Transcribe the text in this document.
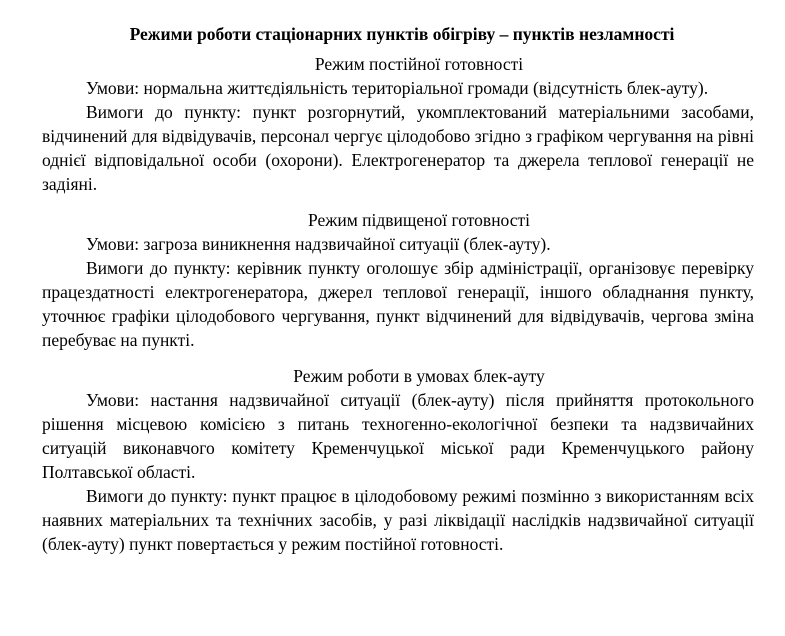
Режими роботи стаціонарних пунктів обігріву – пунктів незламності

Режим постійної готовності

Умови: нормальна життєдіяльність територіальної громади (відсутність блек-ауту).

Вимоги до пункту: пункт розгорнутий, укомплектований матеріальними засобами, відчинений для відвідувачів, персонал чергує цілодобово згідно з графіком чергування на рівні однієї відповідальної особи (охорони). Електрогенератор та джерела теплової генерації не задіяні.

Режим підвищеної готовності

Умови: загроза виникнення надзвичайної ситуації (блек-ауту).

Вимоги до пункту: керівник пункту оголошує збір адміністрації, організовує перевірку працездатності електрогенератора, джерел теплової генерації, іншого обладнання пункту, уточнює графіки цілодобового чергування, пункт відчинений для відвідувачів, чергова зміна перебуває на пункті.

Режим роботи в умовах блек-ауту

Умови: настання надзвичайної ситуації (блек-ауту) після прийняття протокольного рішення місцевою комісією з питань техногенно-екологічної безпеки та надзвичайних ситуацій виконавчого комітету Кременчуцької міської ради Кременчуцького району Полтавської області.

Вимоги до пункту: пункт працює в цілодобовому режимі позмінно з використанням всіх наявних матеріальних та технічних засобів, у разі ліквідації наслідків надзвичайної ситуації (блек-ауту) пункт повертається у режим постійної готовності.
